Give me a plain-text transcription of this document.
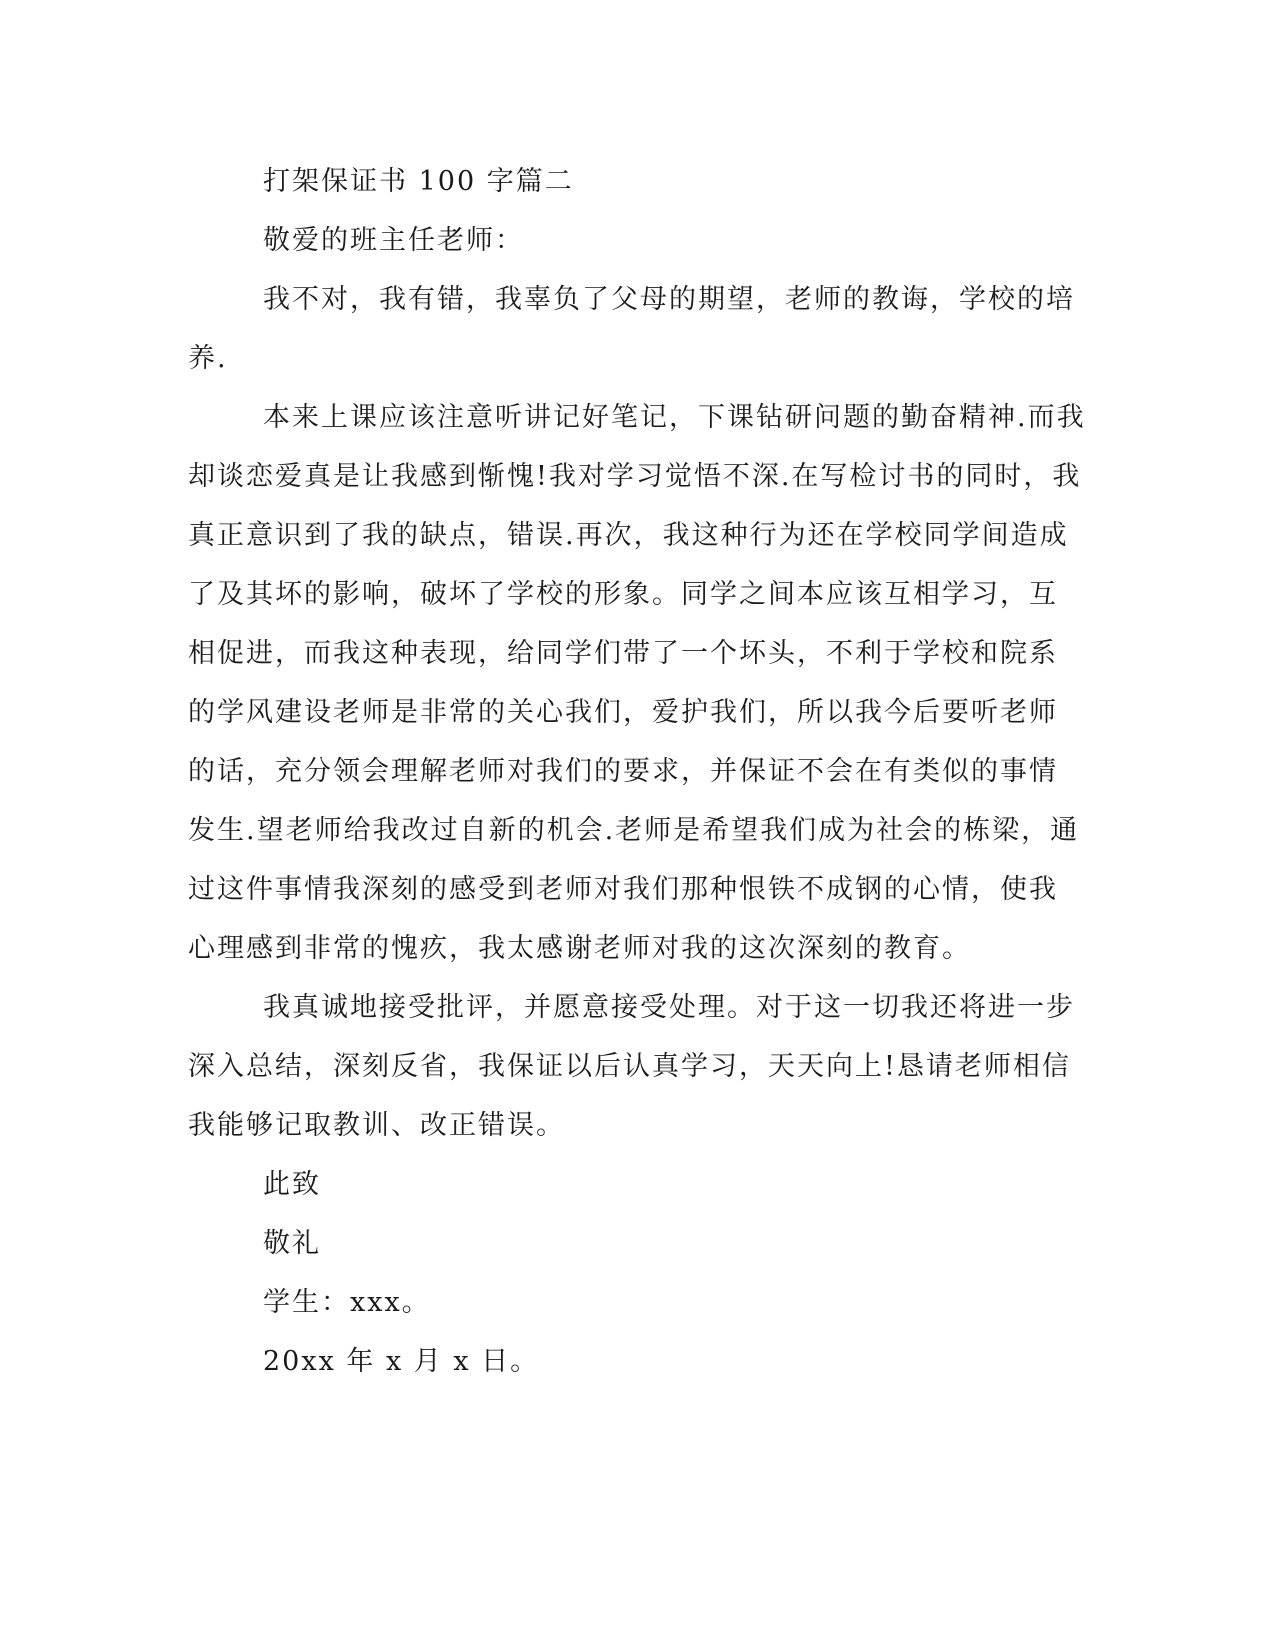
打架保证书 100 字篇二
敬爱的班主任老师：
我不对，我有错，我辜负了父母的期望，老师的教诲，学校的培
养.
本来上课应该注意听讲记好笔记，下课钻研问题的勤奋精神.而我
却谈恋爱真是让我感到惭愧!我对学习觉悟不深.在写检讨书的同时，我
真正意识到了我的缺点，错误.再次，我这种行为还在学校同学间造成
了及其坏的影响，破坏了学校的形象。同学之间本应该互相学习，互
相促进，而我这种表现，给同学们带了一个坏头，不利于学校和院系
的学风建设老师是非常的关心我们，爱护我们，所以我今后要听老师
的话，充分领会理解老师对我们的要求，并保证不会在有类似的事情
发生.望老师给我改过自新的机会.老师是希望我们成为社会的栋梁，通
过这件事情我深刻的感受到老师对我们那种恨铁不成钢的心情，使我
心理感到非常的愧疚，我太感谢老师对我的这次深刻的教育。
我真诚地接受批评，并愿意接受处理。对于这一切我还将进一步
深入总结，深刻反省，我保证以后认真学习，天天向上!恳请老师相信
我能够记取教训、改正错误。
此致
敬礼
学生：xxx。
20xx 年 x 月 x 日。
